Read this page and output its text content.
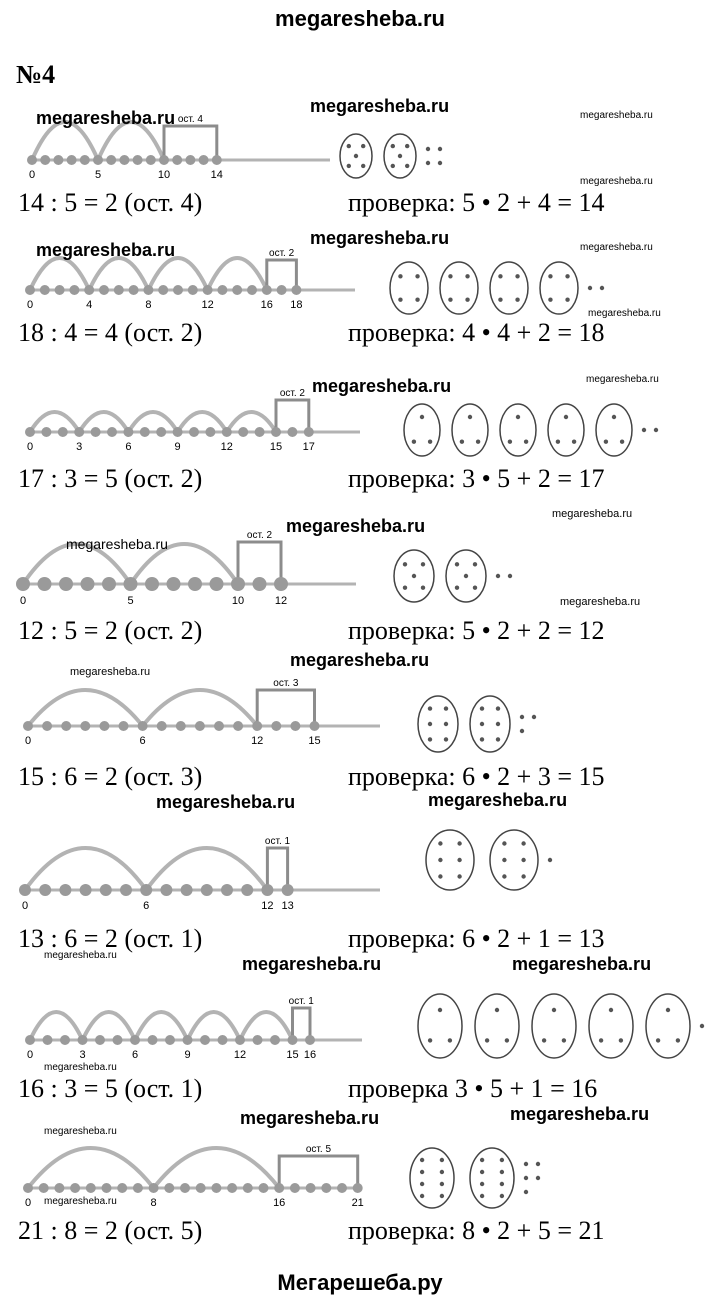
megaresheba.ru
№4
ост. 4
0	5	10	14
14 : 5 = 2 (ост. 4)	проверка: 5 • 2 + 4 = 14
ост. 2
0	4	8	12	16 18
18 : 4 = 4 (ост. 2)	проверка: 4 • 4 + 2 = 18
ост. 2
0	3	6	9	12	15 17
17 : 3 = 5 (ост. 2)	проверка: 3 • 5 + 2 = 17
ост. 2
0	5	10	12
12 : 5 = 2 (ост. 2)	проверка: 5 • 2 + 2 = 12
ост. 3
0	6	12	15
15 : 6 = 2 (ост. 3)	проверка: 6 • 2 + 3 = 15
ост. 1
0	6	12 13
13 : 6 = 2 (ост. 1)	проверка: 6 • 2 + 1 = 13
ост. 1
0	3	6	9	12	15 16
16 : 3 = 5 (ост. 1)	проверка 3 • 5 + 1 = 16
ост. 5
0	8	16	21
21 : 8 = 2 (ост. 5)	проверка: 8 • 2 + 5 = 21
megaresheba.ru
megaresheba.ru	megaresheba.ru
megaresheba.ru
megaresheba.ru
megaresheba.ru	megaresheba.ru
megaresheba.ru
megaresheba.ru	megaresheba.ru
megaresheba.ru
megaresheba.ru
megaresheba.ru
megaresheba.ru
megaresheba.ru
megaresheba.ru
megaresheba.ru	megaresheba.ru
megaresheba.ru	megaresheba.ru	megaresheba.ru
megaresheba.ru
megaresheba.ru	megaresheba.ru
megaresheba.ru
megaresheba.ru
Мегарешеба.ру
